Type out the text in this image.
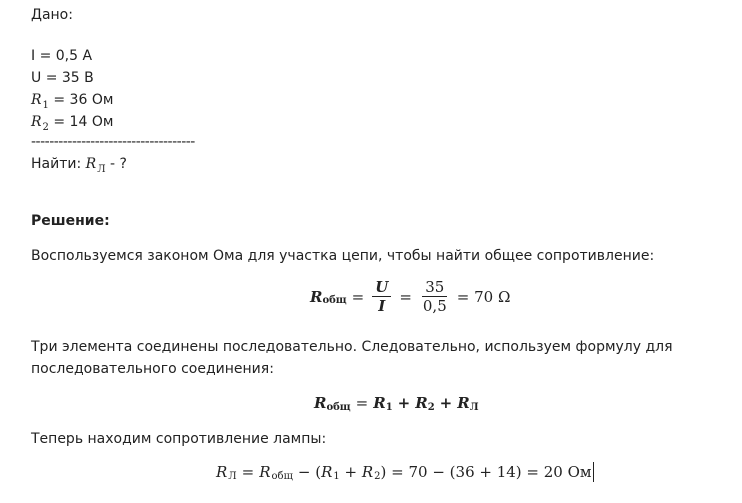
Дано:
I = 0,5 А
U = 35 В
$R_1 = 36$ Ом
$R_2 = 14$ Ом
------------------------------------
Найти: $R_Л$ - ?
Решение:
Воспользуемся законом Ома для участка цепи, чтобы найти общее сопротивление:
R общ = $\frac{U}{I} = \frac{35}{0,5} = 70$ Ω
Три элемента соединены последовательно. Следовательно, используем формулу для
последовательного соединения:
R общ = R 1 + R 2 + R Л
Теперь находим сопротивление лампы:
R Л = R общ − ( R 1 + R 2 ) = 70 − (36 + 14) = 20 Ом
